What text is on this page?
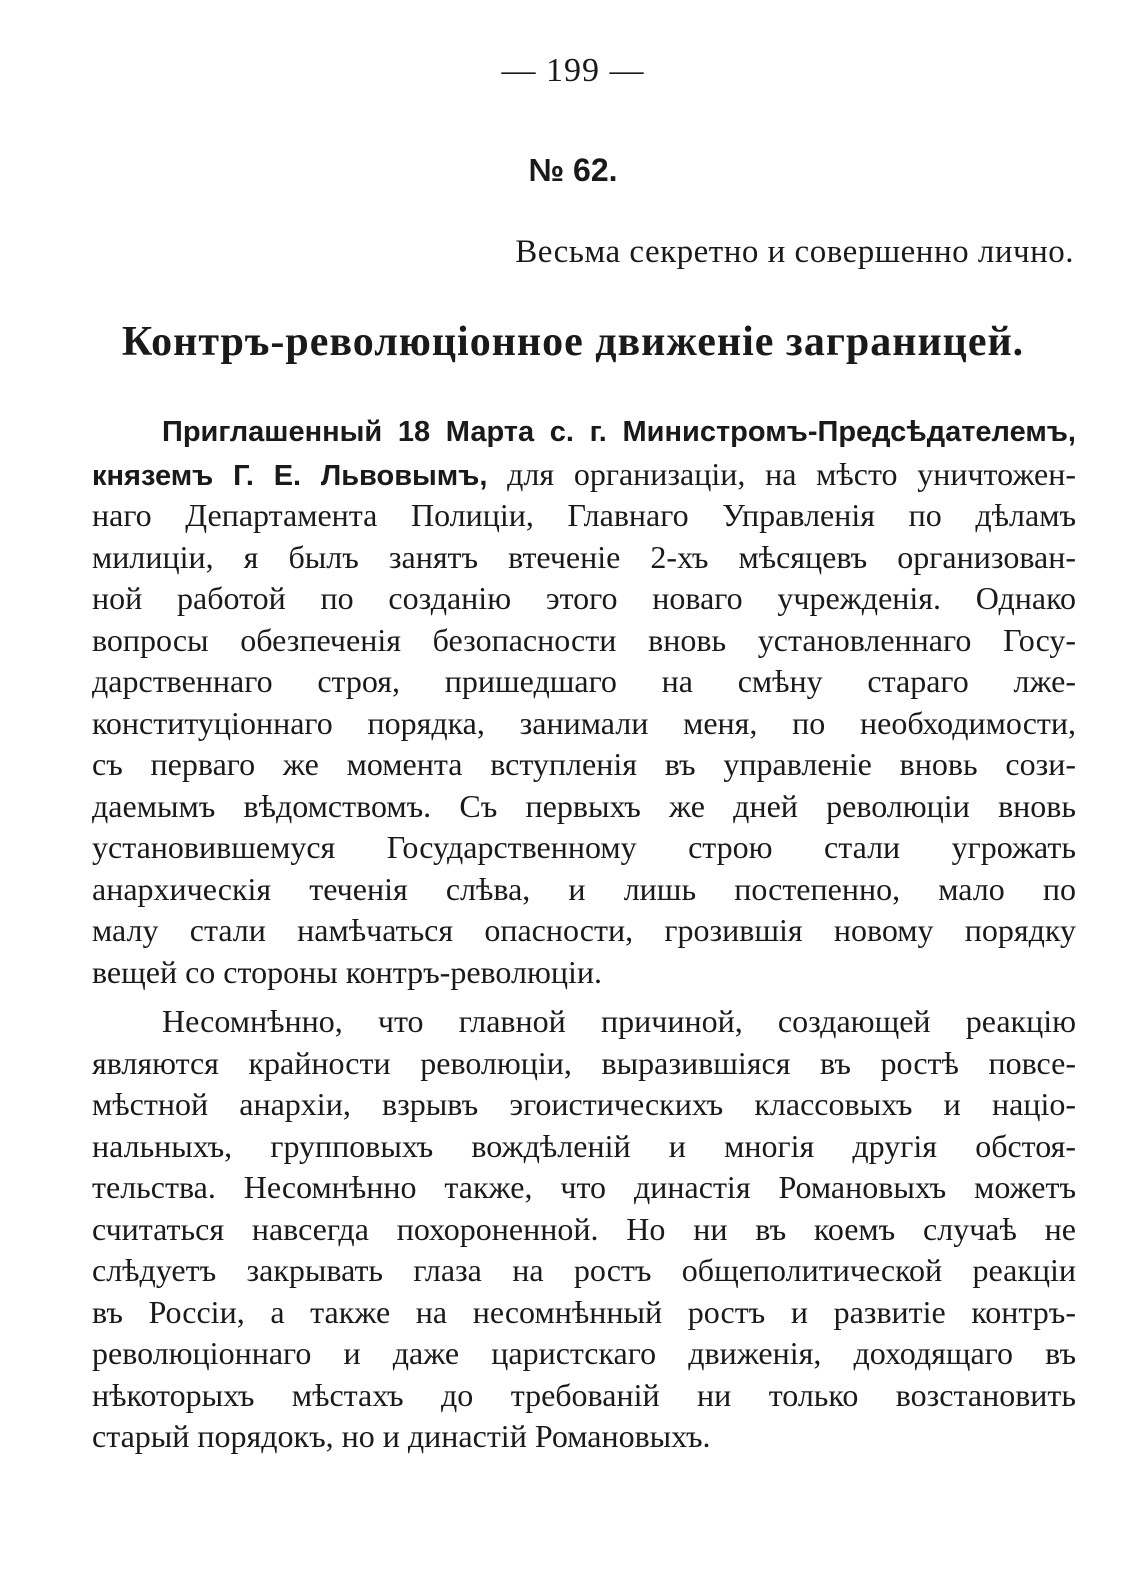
— 199 —
№ 62.
Весьма секретно и совершенно лично.
Контръ-революціонное движеніе заграницей.
Приглашенный 18 Марта с. г. Министромъ-Предсѣдателемъ,
княземъ Г. Е. Львовымъ, для организаціи, на мѣсто уничтожен-
наго Департамента Полиціи, Главнаго Управленія по дѣламъ
милиціи, я былъ занятъ втеченіе 2-хъ мѣсяцевъ организован-
ной работой по созданію этого новаго учрежденія. Однако
вопросы обезпеченія безопасности вновь установленнаго Госу-
дарственнаго строя, пришедшаго на смѣну стараго лже-
конституціоннаго порядка, занимали меня, по необходимости,
съ перваго же момента вступленія въ управленіе вновь сози-
даемымъ вѣдомствомъ. Съ первыхъ же дней революціи вновь
установившемуся Государственному строю стали угрожать
анархическія теченія слѣва, и лишь постепенно, мало по
малу стали намѣчаться опасности, грозившія новому порядку
вещей со стороны контръ-революціи.
Несомнѣнно, что главной причиной, создающей реакцію
являются крайности революціи, выразившіяся въ ростѣ повсе-
мѣстной анархіи, взрывъ эгоистическихъ классовыхъ и націо-
нальныхъ, групповыхъ вождѣленій и многія другія обстоя-
тельства. Несомнѣнно также, что династія Романовыхъ можетъ
считаться навсегда похороненной. Но ни въ коемъ случаѣ не
слѣдуетъ закрывать глаза на ростъ общеполитической реакціи
въ Россіи, а также на несомнѣнный ростъ и развитіе контръ-
революціоннаго и даже царистскаго движенія, доходящаго въ
нѣкоторыхъ мѣстахъ до требованій ни только возстановить
старый порядокъ, но и династій Романовыхъ.
